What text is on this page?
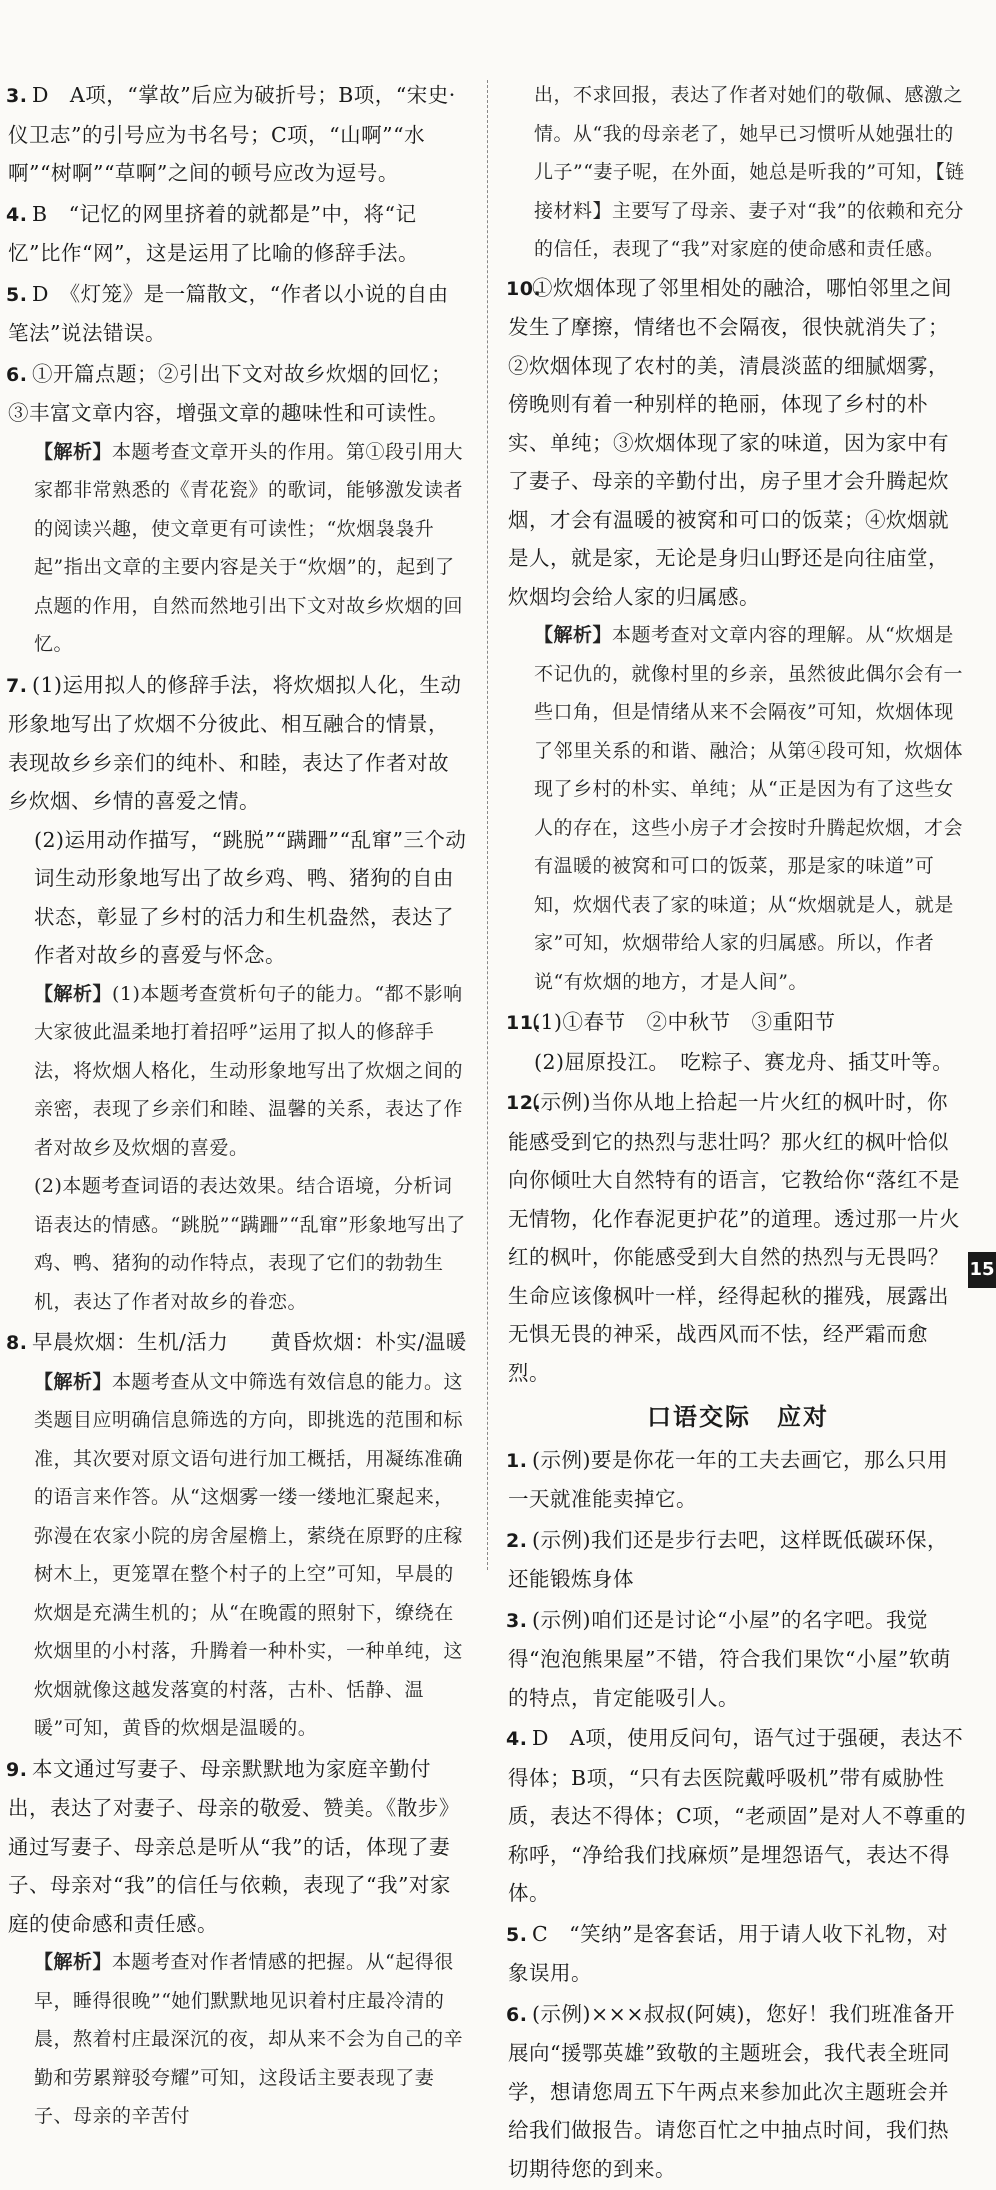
3. D　A项，“掌故”后应为破折号；B项，“宋史·仪卫志”的引号应为书名号；C项，“山啊”“水啊”“树啊”“草啊”之间的顿号应改为逗号。
4. B　“记忆的网里挤着的就都是”中，将“记忆”比作“网”，这是运用了比喻的修辞手法。
5. D　《灯笼》是一篇散文，“作者以小说的自由笔法”说法错误。
6. ①开篇点题；②引出下文对故乡炊烟的回忆；③丰富文章内容，增强文章的趣味性和可读性。
【解析】本题考查文章开头的作用。第①段引用大家都非常熟悉的《青花瓷》的歌词，能够激发读者的阅读兴趣，使文章更有可读性；“炊烟袅袅升起”指出文章的主要内容是关于“炊烟”的，起到了点题的作用，自然而然地引出下文对故乡炊烟的回忆。
7. (1)运用拟人的修辞手法，将炊烟拟人化，生动形象地写出了炊烟不分彼此、相互融合的情景，表现故乡乡亲们的纯朴、和睦，表达了作者对故乡炊烟、乡情的喜爱之情。
(2)运用动作描写，“跳脱”“蹒跚”“乱窜”三个动词生动形象地写出了故乡鸡、鸭、猪狗的自由状态，彰显了乡村的活力和生机盎然，表达了作者对故乡的喜爱与怀念。
【解析】(1)本题考查赏析句子的能力。“都不影响大家彼此温柔地打着招呼”运用了拟人的修辞手法，将炊烟人格化，生动形象地写出了炊烟之间的亲密，表现了乡亲们和睦、温馨的关系，表达了作者对故乡及炊烟的喜爱。
(2)本题考查词语的表达效果。结合语境，分析词语表达的情感。“跳脱”“蹒跚”“乱窜”形象地写出了鸡、鸭、猪狗的动作特点，表现了它们的勃勃生机，表达了作者对故乡的眷恋。
8. 早晨炊烟：生机/活力　　黄昏炊烟：朴实/温暖
【解析】本题考查从文中筛选有效信息的能力。这类题目应明确信息筛选的方向，即挑选的范围和标准，其次要对原文语句进行加工概括，用凝练准确的语言来作答。从“这烟雾一缕一缕地汇聚起来，弥漫在农家小院的房舍屋檐上，萦绕在原野的庄稼树木上，更笼罩在整个村子的上空”可知，早晨的炊烟是充满生机的；从“在晚霞的照射下，缭绕在炊烟里的小村落，升腾着一种朴实，一种单纯，这炊烟就像这越发落寞的村落，古朴、恬静、温暖”可知，黄昏的炊烟是温暖的。
9. 本文通过写妻子、母亲默默地为家庭辛勤付出，表达了对妻子、母亲的敬爱、赞美。《散步》通过写妻子、母亲总是听从“我”的话，体现了妻子、母亲对“我”的信任与依赖，表现了“我”对家庭的使命感和责任感。
【解析】本题考查对作者情感的把握。从“起得很早，睡得很晚”“她们默默地见识着村庄最冷清的晨，熬着村庄最深沉的夜，却从来不会为自己的辛勤和劳累辩驳夸耀”可知，这段话主要表现了妻子、母亲的辛苦付
出，不求回报，表达了作者对她们的敬佩、感激之情。从“我的母亲老了，她早已习惯听从她强壮的儿子”“妻子呢，在外面，她总是听我的”可知，【链接材料】主要写了母亲、妻子对“我”的依赖和充分的信任，表现了“我”对家庭的使命感和责任感。
10.①炊烟体现了邻里相处的融洽，哪怕邻里之间发生了摩擦，情绪也不会隔夜，很快就消失了；②炊烟体现了农村的美，清晨淡蓝的细腻烟雾，傍晚则有着一种别样的艳丽，体现了乡村的朴实、单纯；③炊烟体现了家的味道，因为家中有了妻子、母亲的辛勤付出，房子里才会升腾起炊烟，才会有温暖的被窝和可口的饭菜；④炊烟就是人，就是家，无论是身归山野还是向往庙堂，炊烟均会给人家的归属感。
【解析】本题考查对文章内容的理解。从“炊烟是不记仇的，就像村里的乡亲，虽然彼此偶尔会有一些口角，但是情绪从来不会隔夜”可知，炊烟体现了邻里关系的和谐、融洽；从第④段可知，炊烟体现了乡村的朴实、单纯；从“正是因为有了这些女人的存在，这些小房子才会按时升腾起炊烟，才会有温暖的被窝和可口的饭菜，那是家的味道”可知，炊烟代表了家的味道；从“炊烟就是人，就是家”可知，炊烟带给人家的归属感。所以，作者说“有炊烟的地方，才是人间”。
11.(1)①春节　②中秋节　③重阳节
(2)屈原投江。　吃粽子、赛龙舟、插艾叶等。
12.(示例)当你从地上拾起一片火红的枫叶时，你能感受到它的热烈与悲壮吗？那火红的枫叶恰似向你倾吐大自然特有的语言，它教给你“落红不是无情物，化作春泥更护花”的道理。透过那一片火红的枫叶，你能感受到大自然的热烈与无畏吗？生命应该像枫叶一样，经得起秋的摧残，展露出无惧无畏的神采，战西风而不怯，经严霜而愈烈。
口语交际　应对
1. (示例)要是你花一年的工夫去画它，那么只用一天就准能卖掉它。
2. (示例)我们还是步行去吧，这样既低碳环保，还能锻炼身体
3. (示例)咱们还是讨论“小屋”的名字吧。我觉得“泡泡熊果屋”不错，符合我们果饮“小屋”软萌的特点，肯定能吸引人。
4. D　A项，使用反问句，语气过于强硬，表达不得体；B项，“只有去医院戴呼吸机”带有威胁性质，表达不得体；C项，“老顽固”是对人不尊重的称呼，“净给我们找麻烦”是埋怨语气，表达不得体。
5. C　“笑纳”是客套话，用于请人收下礼物，对象误用。
6. (示例)×××叔叔(阿姨)，您好！我们班准备开展向“援鄂英雄”致敬的主题班会，我代表全班同学，想请您周五下午两点来参加此次主题班会并给我们做报告。请您百忙之中抽点时间，我们热切期待您的到来。
15
